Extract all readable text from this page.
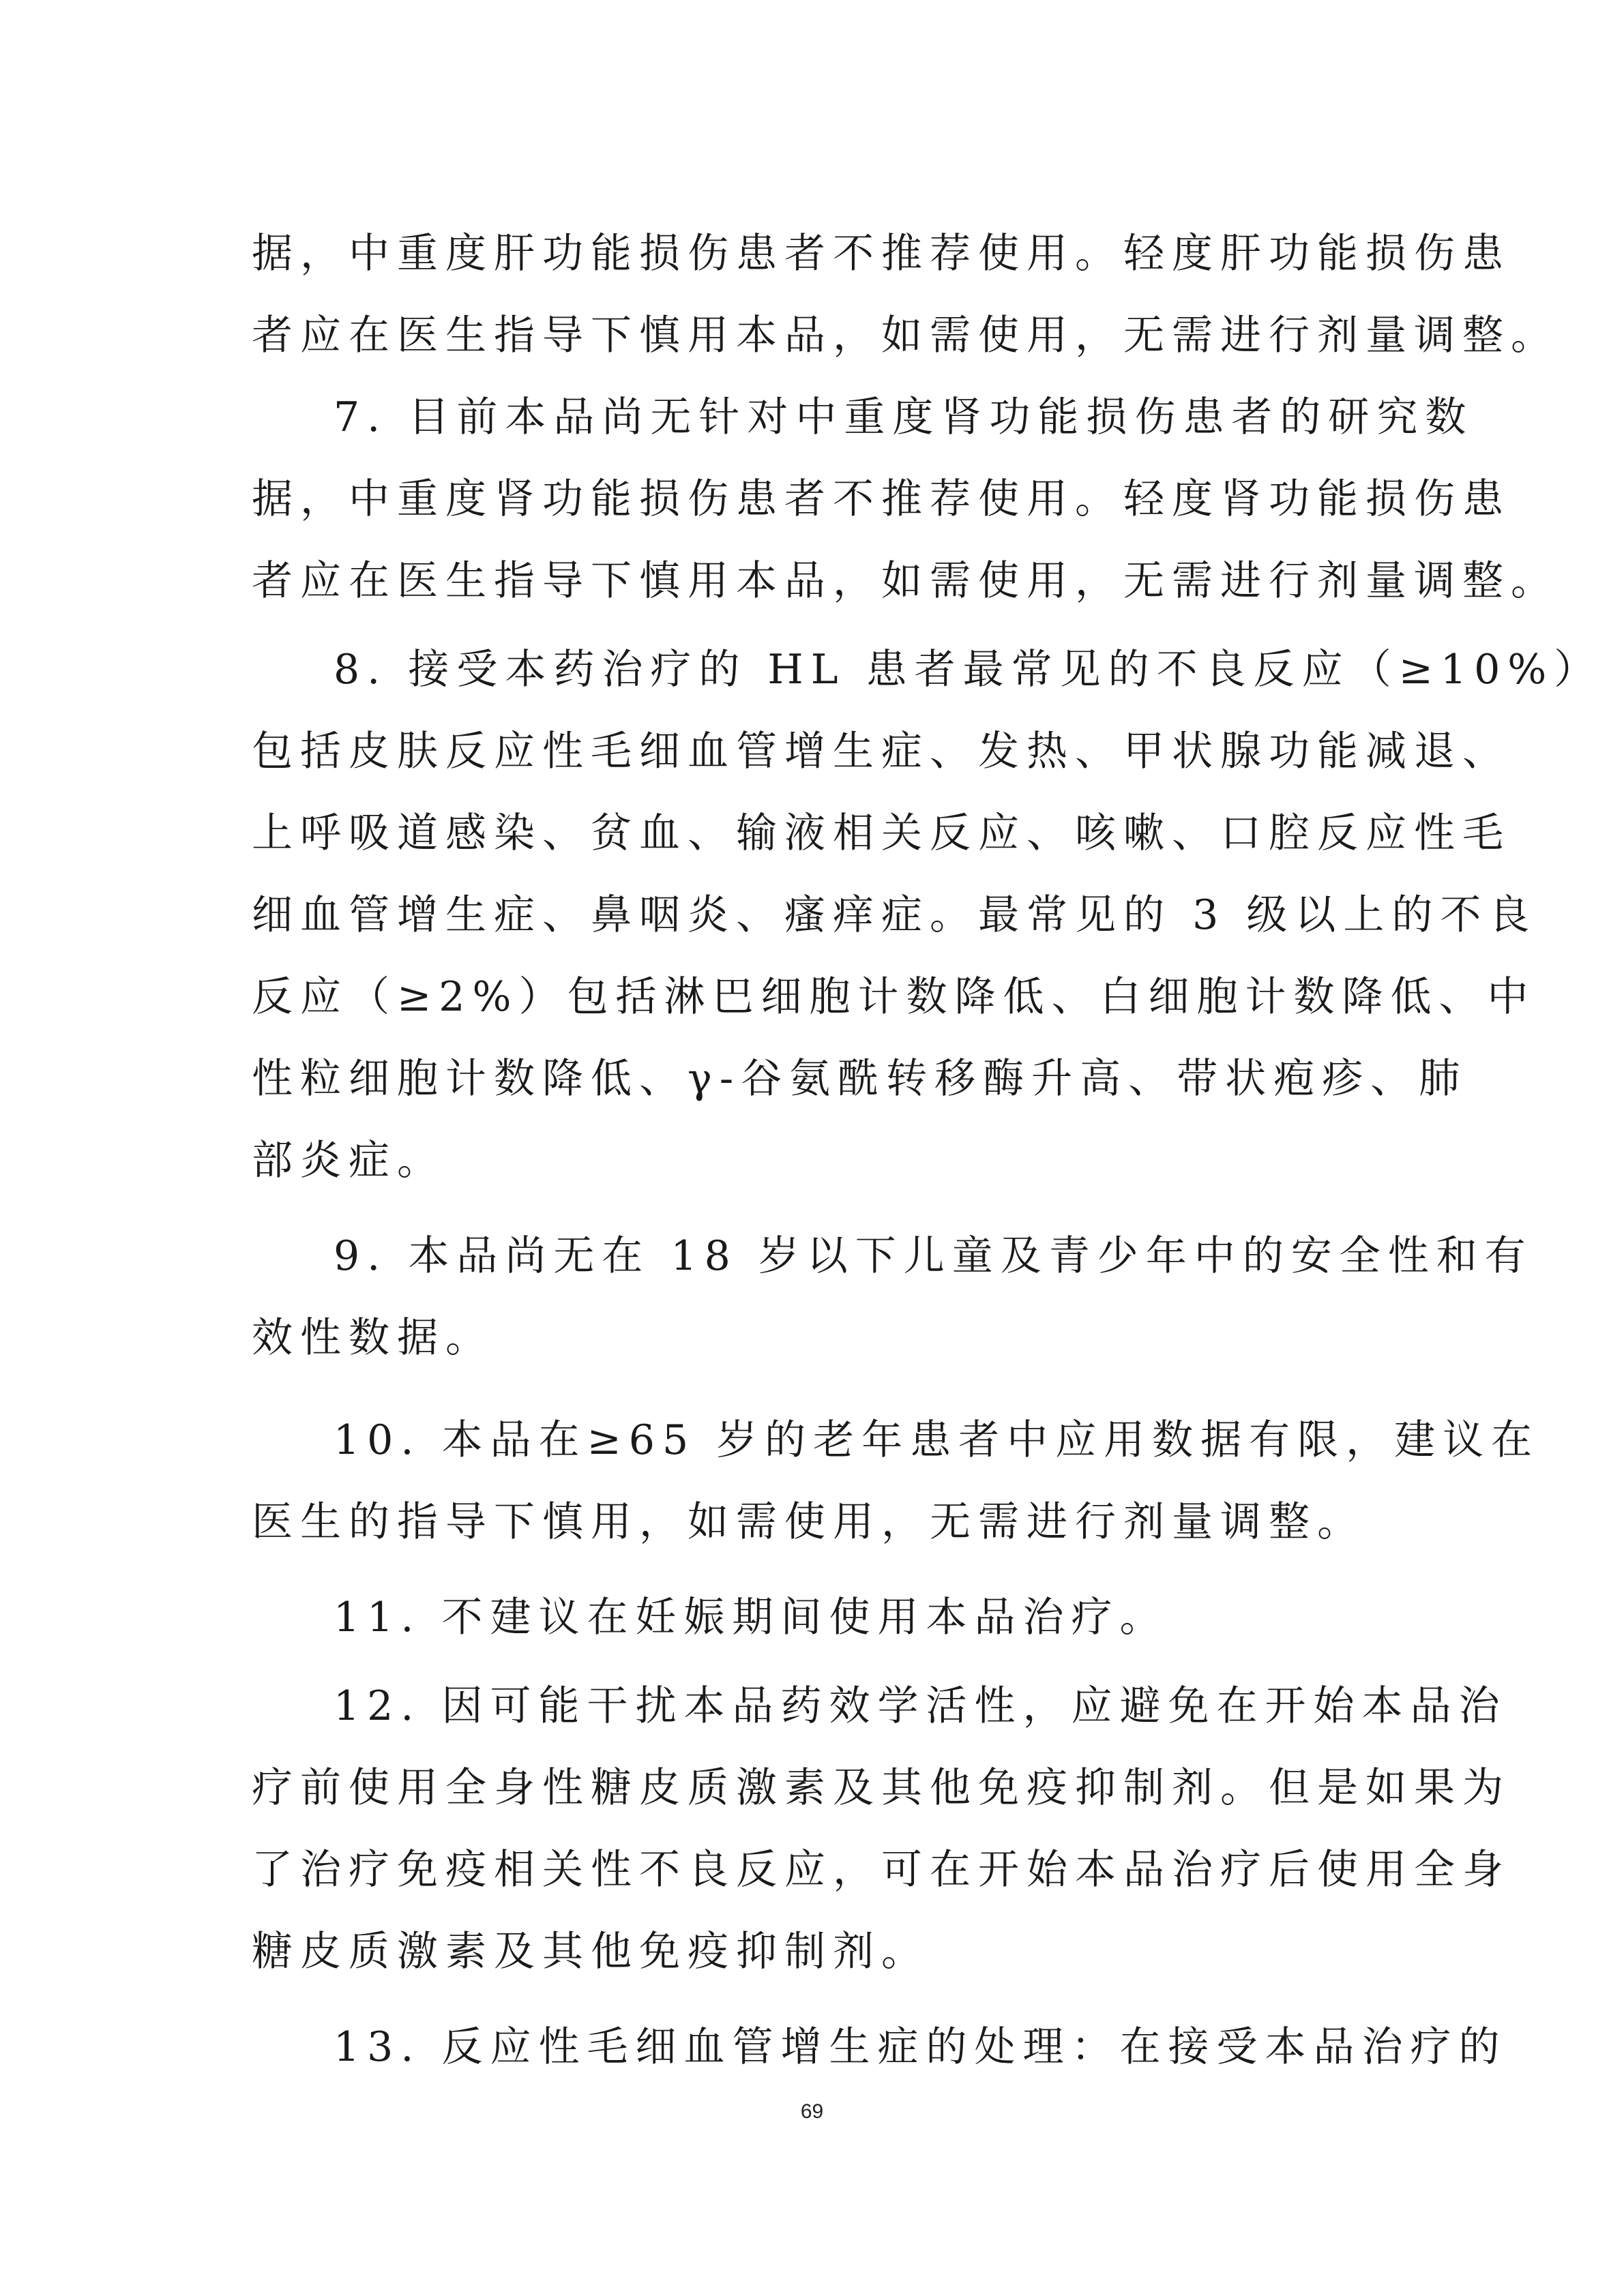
据，中重度肝功能损伤患者不推荐使用。轻度肝功能损伤患
者应在医生指导下慎用本品，如需使用，无需进行剂量调整。
7. 目前本品尚无针对中重度肾功能损伤患者的研究数
据，中重度肾功能损伤患者不推荐使用。轻度肾功能损伤患
者应在医生指导下慎用本品，如需使用，无需进行剂量调整。
8. 接受本药治疗的 HL 患者最常见的不良反应（≥10%）
包括皮肤反应性毛细血管增生症、发热、甲状腺功能减退、
上呼吸道感染、贫血、输液相关反应、咳嗽、口腔反应性毛
细血管增生症、鼻咽炎、瘙痒症。最常见的 3 级以上的不良
反应（≥2%）包括淋巴细胞计数降低、白细胞计数降低、中
性粒细胞计数降低、γ-谷氨酰转移酶升高、带状疱疹、肺
部炎症。
9. 本品尚无在 18 岁以下儿童及青少年中的安全性和有
效性数据。
10. 本品在≥65 岁的老年患者中应用数据有限，建议在
医生的指导下慎用，如需使用，无需进行剂量调整。
11. 不建议在妊娠期间使用本品治疗。
12. 因可能干扰本品药效学活性，应避免在开始本品治
疗前使用全身性糖皮质激素及其他免疫抑制剂。但是如果为
了治疗免疫相关性不良反应，可在开始本品治疗后使用全身
糖皮质激素及其他免疫抑制剂。
13. 反应性毛细血管增生症的处理：在接受本品治疗的
69
